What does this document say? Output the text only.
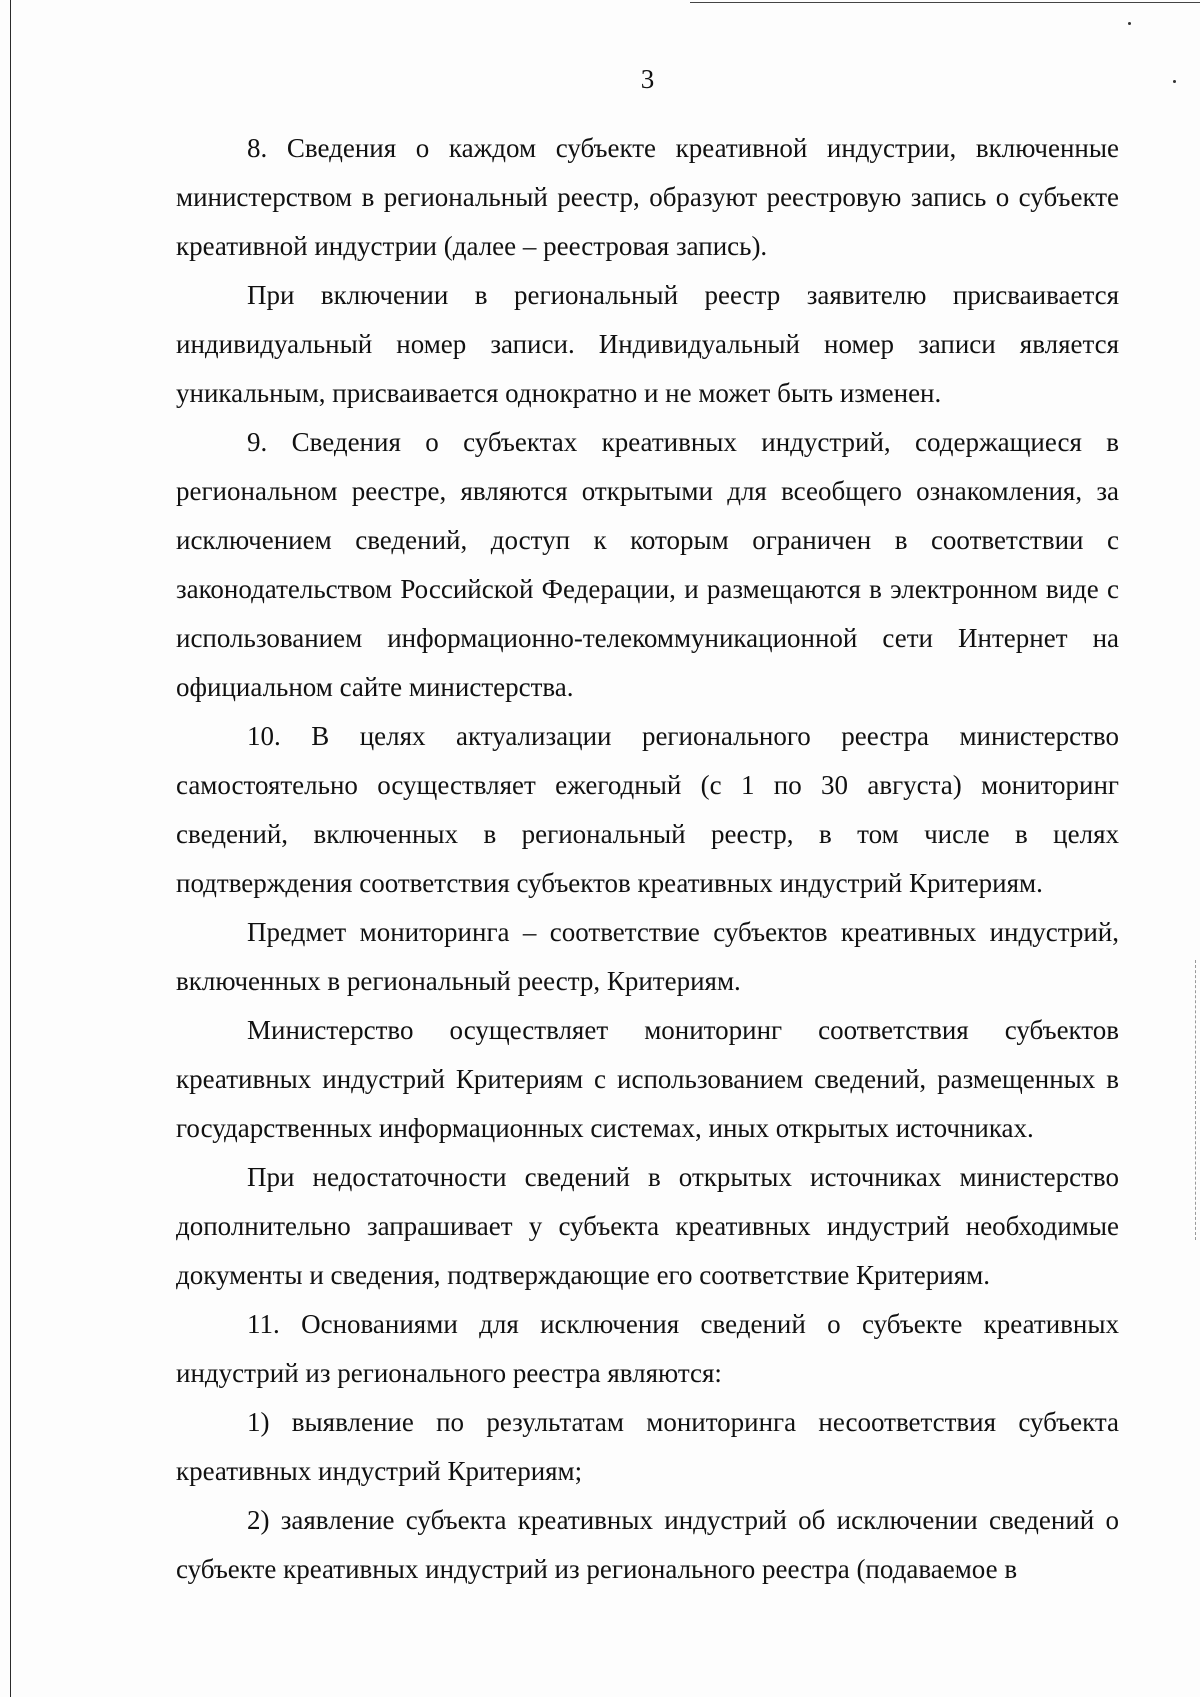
3

8. Сведения о каждом субъекте креативной индустрии, включенные министерством в региональный реестр, образуют реестровую запись о субъекте креативной индустрии (далее – реестровая запись).

При включении в региональный реестр заявителю присваивается индивидуальный номер записи. Индивидуальный номер записи является уникальным, присваивается однократно и не может быть изменен.

9. Сведения о субъектах креативных индустрий, содержащиеся в региональном реестре, являются открытыми для всеобщего ознакомления, за исключением сведений, доступ к которым ограничен в соответствии с законодательством Российской Федерации, и размещаются в электронном виде с использованием информационно-телекоммуникационной сети Интернет на официальном сайте министерства.

10. В целях актуализации регионального реестра министерство самостоятельно осуществляет ежегодный (с 1 по 30 августа) мониторинг сведений, включенных в региональный реестр, в том числе в целях подтверждения соответствия субъектов креативных индустрий Критериям.

Предмет мониторинга – соответствие субъектов креативных индустрий, включенных в региональный реестр, Критериям.

Министерство осуществляет мониторинг соответствия субъектов креативных индустрий Критериям с использованием сведений, размещенных в государственных информационных системах, иных открытых источниках.

При недостаточности сведений в открытых источниках министерство дополнительно запрашивает у субъекта креативных индустрий необходимые документы и сведения, подтверждающие его соответствие Критериям.

11. Основаниями для исключения сведений о субъекте креативных индустрий из регионального реестра являются:

1) выявление по результатам мониторинга несоответствия субъекта креативных индустрий Критериям;

2) заявление субъекта креативных индустрий об исключении сведений о субъекте креативных индустрий из регионального реестра (подаваемое в
